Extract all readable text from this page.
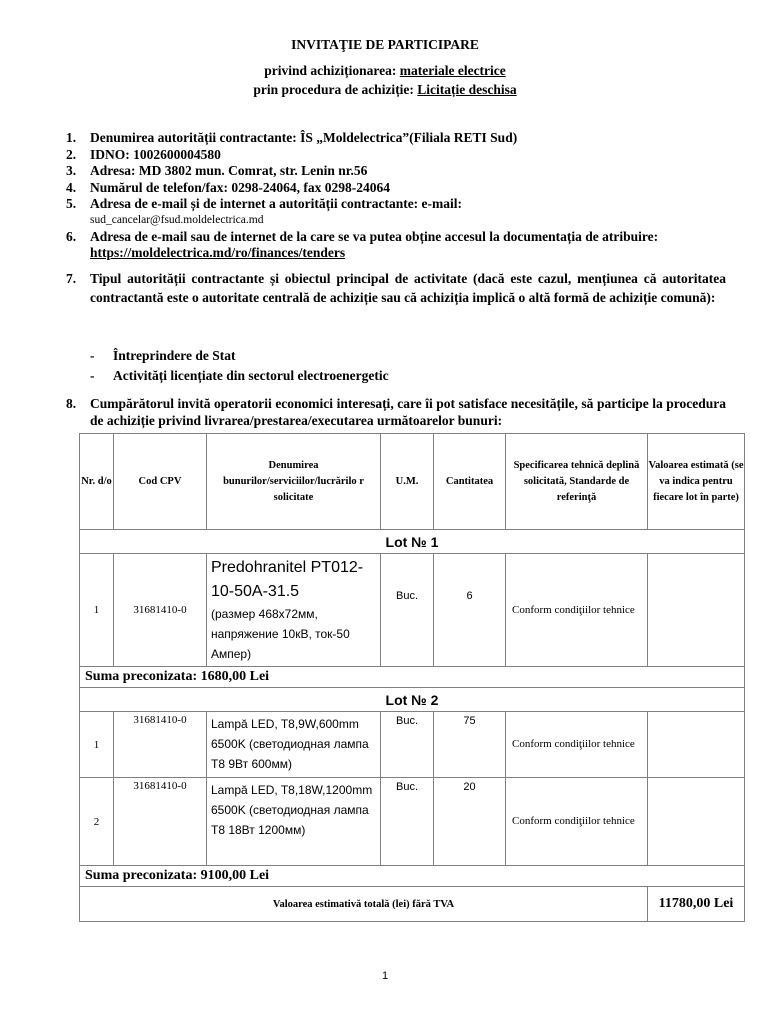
INVITAŢIE DE PARTICIPARE
privind achiziționarea: materiale electrice
prin procedura de achiziție: Licitație deschisa
1.	Denumirea autorității contractante: ÎS „Moldelectrica”(Filiala RETI Sud)
2.	IDNO: 1002600004580
3.	Adresa: MD 3802 mun. Comrat, str. Lenin nr.56
4.	Numărul de telefon/fax: 0298-24064, fax 0298-24064
5.	Adresa de e-mail și de internet a autorității contractante: e-mail:
sud_cancelar@fsud.moldelectrica.md
6.	Adresa de e-mail sau de internet de la care se va putea obține accesul la documentația de atribuire:
https://moldelectrica.md/ro/finances/tenders
7.	Tipul autorității contractante și obiectul principal de activitate (dacă este cazul, mențiunea că autoritatea contractantă este o autoritate centrală de achiziție sau că achiziția implică o altă formă de achiziție comună):
- Întreprindere de Stat
- Activități licențiate din sectorul electroenergetic
8.	Cumpărătorul invită operatorii economici interesați, care îi pot satisface necesitățile, să participe la procedura de achiziție privind livrarea/prestarea/executarea următoarelor bunuri:
Nr. d/o	Cod CPV	Denumirea bunurilor/serviciilor/lucrărilo r solicitate	U.M.	Cantitatea	Specificarea tehnică deplină solicitată, Standarde de referinţă	Valoarea estimată (se va indica pentru fiecare lot în parte)
Lot № 1						
1	31681410-0	Predohranitel PT012-10-50A-31.5
(размер 468x72мм, напряжение 10кВ, ток-50 Ампер)	Buc.	6	Conform condiţiilor tehnice	
Suma preconizata: 1680,00 Lei						
Lot № 2						
1	31681410-0	Lampă LED, T8,9W,600mm 6500K (светодиодная лампа T8 9Вт 600мм)	Buc.	75	Conform condiţiilor tehnice	
2	31681410-0	Lampă LED, T8,18W,1200mm 6500K (светодиодная лампа T8 18Вт 1200мм)	Buc.	20	Conform condiţiilor tehnice	
Suma preconizata: 9100,00 Lei						
Valoarea estimativă totală (lei) fără TVA						11780,00 Lei
1
